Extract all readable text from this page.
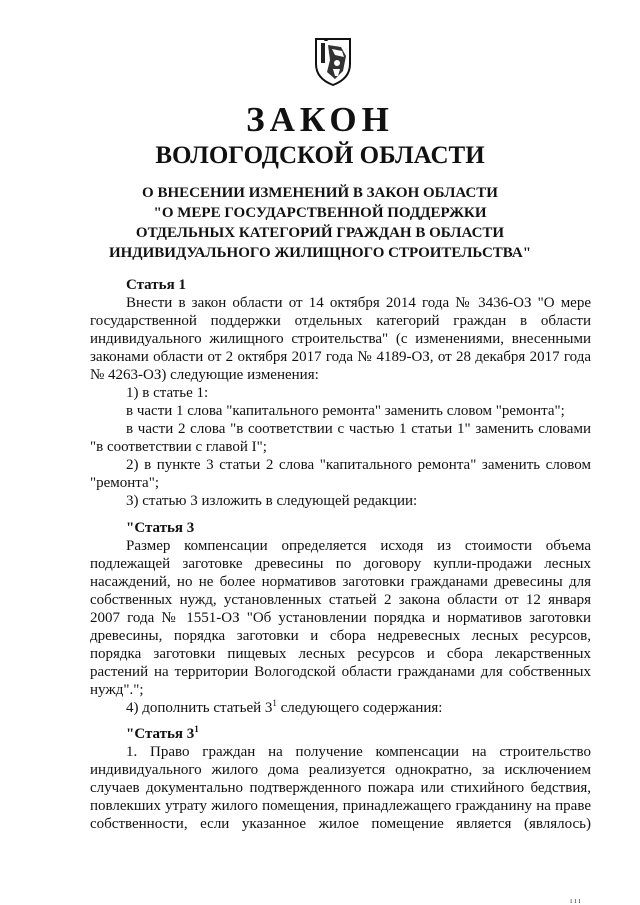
ЗАКОН
ВОЛОГОДСКОЙ ОБЛАСТИ
О ВНЕСЕНИИ ИЗМЕНЕНИЙ В ЗАКОН ОБЛАСТИ
"О МЕРЕ ГОСУДАРСТВЕННОЙ ПОДДЕРЖКИ
ОТДЕЛЬНЫХ КАТЕГОРИЙ ГРАЖДАН В ОБЛАСТИ
ИНДИВИДУАЛЬНОГО ЖИЛИЩНОГО СТРОИТЕЛЬСТВА"
Статья 1
Внести в закон области от 14 октября 2014 года № 3436-ОЗ "О мере
государственной поддержки отдельных категорий граждан в области
индивидуального жилищного строительства" (с изменениями, внесенными
законами области от 2 октября 2017 года № 4189-ОЗ, от 28 декабря 2017 года
№ 4263-ОЗ) следующие изменения:
1) в статье 1:
в части 1 слова "капитального ремонта" заменить словом "ремонта";
в части 2 слова "в соответствии с частью 1 статьи 1" заменить словами
"в соответствии с главой I";
2) в пункте 3 статьи 2 слова "капитального ремонта" заменить словом
"ремонта";
3) статью 3 изложить в следующей редакции:
"Статья 3
Размер компенсации определяется исходя из стоимости объема
подлежащей заготовке древесины по договору купли-продажи лесных
насаждений, но не более нормативов заготовки гражданами древесины для
собственных нужд, установленных статьей 2 закона области от 12 января
2007 года № 1551-ОЗ "Об установлении порядка и нормативов заготовки
древесины, порядка заготовки и сбора недревесных лесных ресурсов,
порядка заготовки пищевых лесных ресурсов и сбора лекарственных
растений на территории Вологодской области гражданами для собственных
нужд".";
4) дополнить статьей $3^1$ следующего содержания:
"Статья $3^1$
1. Право граждан на получение компенсации на строительство
индивидуального жилого дома реализуется однократно, за исключением
случаев документально подтвержденного пожара или стихийного бедствия,
повлекших утрату жилого помещения, принадлежащего гражданину на праве
собственности, если указанное жилое помещение является (являлось)
ı ı ı
